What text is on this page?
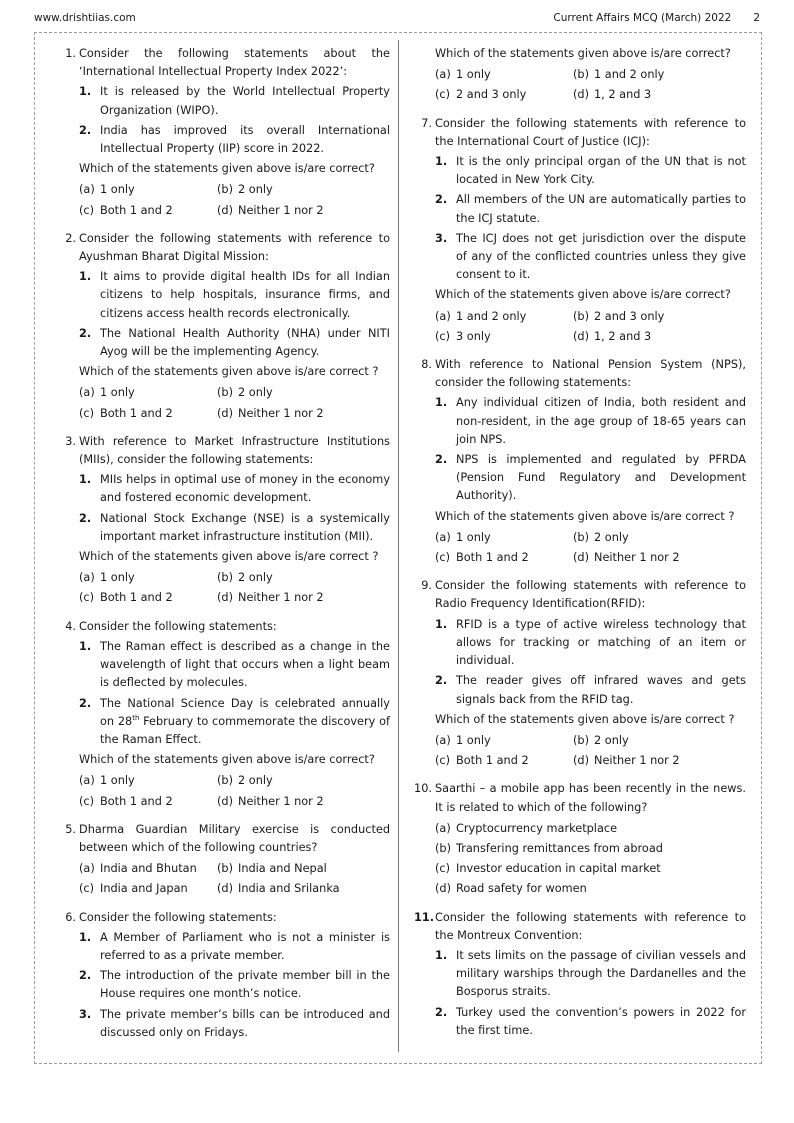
www.drishtiias.com	Current Affairs MCQ (March) 2022 2
1. Consider the following statements about the ‘International Intellectual Property Index 2022’:
1. It is released by the World Intellectual Property Organization (WIPO).
2. India has improved its overall International Intellectual Property (IIP) score in 2022.
Which of the statements given above is/are correct?
(a) 1 only	(b) 2 only
(c) Both 1 and 2	(d) Neither 1 nor 2
2. Consider the following statements with reference to Ayushman Bharat Digital Mission:
1. It aims to provide digital health IDs for all Indian citizens to help hospitals, insurance firms, and citizens access health records electronically.
2. The National Health Authority (NHA) under NITI Ayog will be the implementing Agency.
Which of the statements given above is/are correct ?
(a) 1 only	(b) 2 only
(c) Both 1 and 2	(d) Neither 1 nor 2
3. With reference to Market Infrastructure Institutions (MIIs), consider the following statements:
1. MIIs helps in optimal use of money in the economy and fostered economic development.
2. National Stock Exchange (NSE) is a systemically important market infrastructure institution (MII).
Which of the statements given above is/are correct ?
(a) 1 only	(b) 2 only
(c) Both 1 and 2	(d) Neither 1 nor 2
4. Consider the following statements:
1. The Raman effect is described as a change in the wavelength of light that occurs when a light beam is deflected by molecules.
2. The National Science Day is celebrated annually on 28th February to commemorate the discovery of the Raman Effect.
Which of the statements given above is/are correct?
(a) 1 only	(b) 2 only
(c) Both 1 and 2	(d) Neither 1 nor 2
5. Dharma Guardian Military exercise is conducted between which of the following countries?
(a) India and Bhutan	(b) India and Nepal
(c) India and Japan	(d) India and Srilanka
6. Consider the following statements:
1. A Member of Parliament who is not a minister is referred to as a private member.
2. The introduction of the private member bill in the House requires one month’s notice.
3. The private member’s bills can be introduced and discussed only on Fridays.
Which of the statements given above is/are correct?
(a) 1 only	(b) 1 and 2 only
(c) 2 and 3 only	(d) 1, 2 and 3
7. Consider the following statements with reference to the International Court of Justice (ICJ):
1. It is the only principal organ of the UN that is not located in New York City.
2. All members of the UN are automatically parties to the ICJ statute.
3. The ICJ does not get jurisdiction over the dispute of any of the conflicted countries unless they give consent to it.
Which of the statements given above is/are correct?
(a) 1 and 2 only	(b) 2 and 3 only
(c) 3 only	(d) 1, 2 and 3
8. With reference to National Pension System (NPS), consider the following statements:
1. Any individual citizen of India, both resident and non-resident, in the age group of 18-65 years can join NPS.
2. NPS is implemented and regulated by PFRDA (Pension Fund Regulatory and Development Authority).
Which of the statements given above is/are correct ?
(a) 1 only	(b) 2 only
(c) Both 1 and 2	(d) Neither 1 nor 2
9. Consider the following statements with reference to Radio Frequency Identification(RFID):
1. RFID is a type of active wireless technology that allows for tracking or matching of an item or individual.
2. The reader gives off infrared waves and gets signals back from the RFID tag.
Which of the statements given above is/are correct ?
(a) 1 only	(b) 2 only
(c) Both 1 and 2	(d) Neither 1 nor 2
10. Saarthi – a mobile app has been recently in the news. It is related to which of the following?
(a) Cryptocurrency marketplace
(b) Transfering remittances from abroad
(c) Investor education in capital market
(d) Road safety for women
11. Consider the following statements with reference to the Montreux Convention:
1. It sets limits on the passage of civilian vessels and military warships through the Dardanelles and the Bosporus straits.
2. Turkey used the convention’s powers in 2022 for the first time.
